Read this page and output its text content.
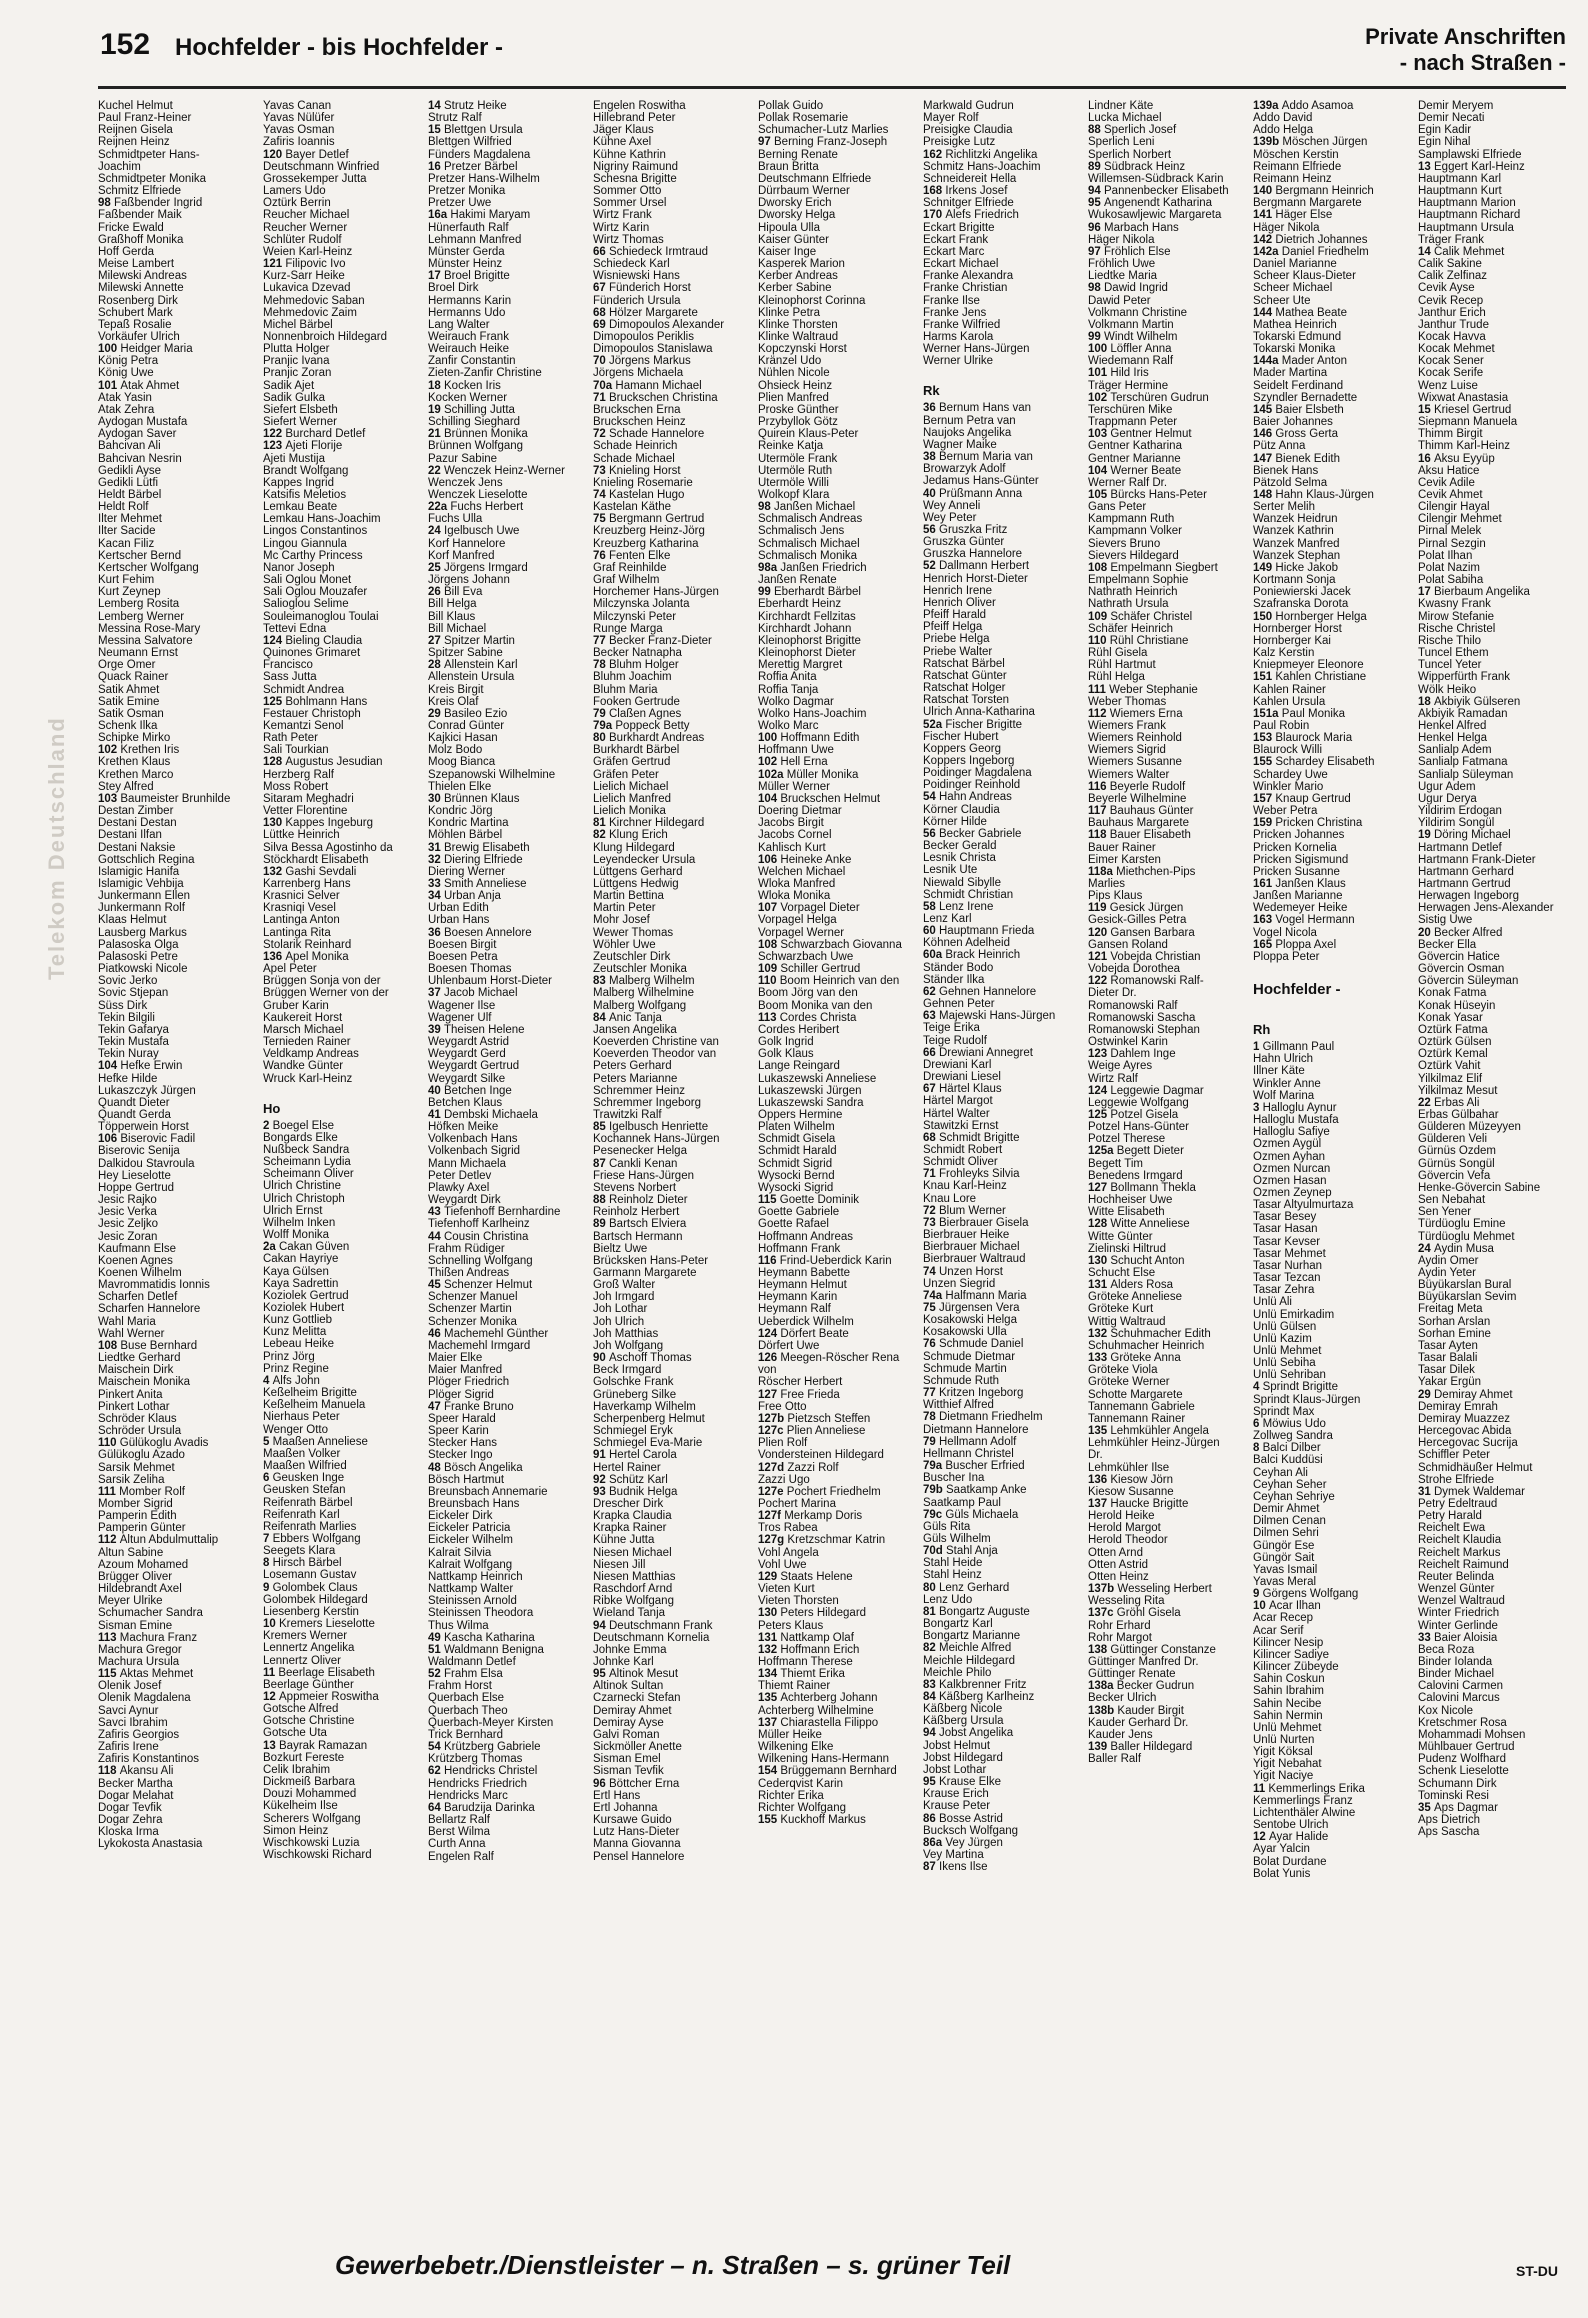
152 Hochfelder - bis Hochfelder -	Private Anschriften
- nach Straßen -
Telekom Deutschland
Kuchel Helmut
Paul Franz-Heiner
Reijnen Gisela
Reijnen Heinz
Schmidtpeter Hans-
Joachim
Schmidtpeter Monika
Schmitz Elfriede
98 Faßbender Ingrid
Faßbender Maik
Fricke Ewald
Graßhoff Monika
Hoff Gerda
Meise Lambert
Milewski Andreas
Milewski Annette
Rosenberg Dirk
Schubert Mark
Tepaß Rosalie
Vorkäufer Ulrich
100 Heidger Maria
König Petra
König Uwe
101 Atak Ahmet
Atak Yasin
Atak Zehra
Aydogan Mustafa
Aydogan Saver
Bahcivan Ali
Bahcivan Nesrin
Gedikli Ayse
Gedikli Lütfi
Heldt Bärbel
Heldt Rolf
Ilter Mehmet
Ilter Sacide
Kacan Filiz
Kertscher Bernd
Kertscher Wolfgang
Kurt Fehim
Kurt Zeynep
Lemberg Rosita
Lemberg Werner
Messina Rose-Mary
Messina Salvatore
Neumann Ernst
Örge Ömer
Quack Rainer
Satik Ahmet
Satik Emine
Satik Osman
Schenk Ilka
Schipke Mirko
102 Krethen Iris
Krethen Klaus
Krethen Marco
Stey Alfred
103 Baumeister Brunhilde
Destan Zimber
Destani Destan
Destani Ilfan
Destani Naksie
Gottschlich Regina
Islamigic Hanifa
Islamigic Vehbija
Junkermann Ellen
Junkermann Rolf
Klaas Helmut
Lausberg Markus
Palasoska Olga
Palasoski Petre
Piatkowski Nicole
Sovic Jerko
Sovic Stjepan
Süss Dirk
Tekin Bilgili
Tekin Gafarya
Tekin Mustafa
Tekin Nuray
104 Hefke Erwin
Hefke Hilde
Lukaszczyk Jürgen
Quandt Dieter
Quandt Gerda
Töpperwein Horst
106 Biserovic Fadil
Biserovic Senija
Dalkidou Stavroula
Hey Lieselotte
Hoppe Gertrud
Jesic Rajko
Jesic Verka
Jesic Zeljko
Jesic Zoran
Kaufmann Else
Koenen Agnes
Koenen Wilhelm
Mavrommatidis Ionnis
Scharfen Detlef
Scharfen Hannelore
Wahl Maria
Wahl Werner
108 Buse Bernhard
Liedtke Gerhard
Maischein Dirk
Maischein Monika
Pinkert Anita
Pinkert Lothar
Schröder Klaus
Schröder Ursula
110 Gülükoglu Avadis
Gülükoglu Azado
Sarsik Mehmet
Sarsik Zeliha
111 Momber Rolf
Momber Sigrid
Pamperin Edith
Pamperin Günter
112 Altun Abdulmuttalip
Altun Sabine
Azoum Mohamed
Brügger Oliver
Hildebrandt Axel
Meyer Ulrike
Schumacher Sandra
Sisman Emine
113 Machura Franz
Machura Gregor
Machura Ursula
115 Aktas Mehmet
Olenik Josef
Olenik Magdalena
Savci Aynur
Savci Ibrahim
Zafiris Georgios
Zafiris Irene
Zafiris Konstantinos
118 Akansu Ali
Becker Martha
Dogar Melahat
Dogar Tevfik
Dogar Zehra
Kloska Irma
Lykokosta Anastasia
Yavas Canan
Yavas Nülüfer
Yavas Osman
Zafiris Ioannis
120 Bayer Detlef
Deutschmann Winfried
Grossekemper Jutta
Lamers Udo
Öztürk Berrin
Reucher Michael
Reucher Werner
Schlüter Rudolf
Weien Karl-Heinz
121 Filipovic Ivo
Kurz-Sarr Heike
Lukavica Dzevad
Mehmedovic Saban
Mehmedovic Zaim
Michel Bärbel
Nonnenbroich Hildegard
Plutta Holger
Pranjic Ivana
Pranjic Zoran
Sadik Ajet
Sadik Gulka
Siefert Elsbeth
Siefert Werner
122 Burchard Detlef
123 Ajeti Florije
Ajeti Mustija
Brandt Wolfgang
Kappes Ingrid
Katsifis Meletios
Lemkau Beate
Lemkau Hans-Joachim
Lingos Constantinos
Lingou Giannula
Mc Carthy Princess
Nanor Joseph
Sali Oglou Monet
Sali Oglou Mouzafer
Salioglou Selime
Souleimanoglou Toulai
Tettevi Edna
124 Bieling Claudia
Quinones Grimaret
Francisco
Sass Jutta
Schmidt Andrea
125 Bohlmann Hans
Festauer Christoph
Kemantzi Senol
Rath Peter
Sali Tourkian
128 Augustus Jesudian
Herzberg Ralf
Moss Robert
Sitaram Meghadri
Vetter Florentine
130 Kappes Ingeburg
Lüttke Heinrich
Silva Bessa Agostinho da
Stöckhardt Elisabeth
132 Gashi Sevdali
Karrenberg Hans
Krasnici Selver
Krasniqi Vesel
Lantinga Anton
Lantinga Rita
Stolarik Reinhard
136 Apel Monika
Apel Peter
Brüggen Sonja von der
Brüggen Werner von der
Gruber Karin
Kaukereit Horst
Marsch Michael
Ternieden Rainer
Veldkamp Andreas
Wandke Günter
Wruck Karl-Heinz
Ho
2 Boegel Else
Bongards Elke
Nußbeck Sandra
Scheimann Lydia
Scheimann Oliver
Ulrich Christine
Ulrich Christoph
Ulrich Ernst
Wilhelm Inken
Wolff Monika
2a Cakan Güven
Cakan Hayriye
Kaya Gülsen
Kaya Sadrettin
Koziolek Gertrud
Koziolek Hubert
Kunz Gottlieb
Kunz Melitta
Lebeau Heike
Prinz Jörg
Prinz Regine
4 Alfs John
Keßelheim Brigitte
Keßelheim Manuela
Nierhaus Peter
Wenger Otto
5 Maaßen Anneliese
Maaßen Volker
Maaßen Wilfried
6 Geusken Inge
Geusken Stefan
Reifenrath Bärbel
Reifenrath Karl
Reifenrath Marlies
7 Ebbers Wolfgang
Seegets Klara
8 Hirsch Bärbel
Losemann Gustav
9 Golombek Claus
Golombek Hildegard
Liesenberg Kerstin
10 Kremers Lieselotte
Kremers Werner
Lennertz Angelika
Lennertz Oliver
11 Beerlage Elisabeth
Beerlage Günther
12 Appmeier Roswitha
Gotsche Alfred
Gotsche Christine
Gotsche Uta
13 Bayrak Ramazan
Bozkurt Fereste
Celik Ibrahim
Dickmeiß Barbara
Douzi Mohammed
Kükelheim Ilse
Scherers Wolfgang
Simon Heinz
Wischkowski Luzia
Wischkowski Richard
14 Strutz Heike
Strutz Ralf
15 Blettgen Ursula
Blettgen Wilfried
Fünders Magdalena
16 Pretzer Bärbel
Pretzer Hans-Wilhelm
Pretzer Monika
Pretzer Uwe
16a Hakimi Maryam
Hünerfauth Ralf
Lehmann Manfred
Münster Gerda
Münster Heinz
17 Broel Brigitte
Broel Dirk
Hermanns Karin
Hermanns Udo
Lang Walter
Weirauch Frank
Weirauch Heike
Zanfir Constantin
Zieten-Zanfir Christine
18 Kocken Iris
Kocken Werner
19 Schilling Jutta
Schilling Sieghard
21 Brünnen Monika
Brünnen Wolfgang
Pazur Sabine
22 Wenczek Heinz-Werner
Wenczek Jens
Wenczek Lieselotte
22a Fuchs Herbert
Fuchs Ulla
24 Igelbusch Uwe
Korf Hannelore
Korf Manfred
25 Jörgens Irmgard
Jörgens Johann
26 Bill Eva
Bill Helga
Bill Klaus
Bill Michael
27 Spitzer Martin
Spitzer Sabine
28 Allenstein Karl
Allenstein Ursula
Kreis Birgit
Kreis Olaf
29 Basileo Ezio
Conrad Günter
Kajkici Hasan
Molz Bodo
Moog Bianca
Szepanowski Wilhelmine
Thielen Elke
30 Brünnen Klaus
Kondric Jörg
Kondric Martina
Möhlen Bärbel
31 Brewig Elisabeth
32 Diering Elfriede
Diering Werner
33 Smith Anneliese
34 Urban Anja
Urban Edith
Urban Hans
36 Boesen Annelore
Boesen Birgit
Boesen Petra
Boesen Thomas
Uhlenbaum Horst-Dieter
37 Jacob Michael
Wagener Ilse
Wagener Ulf
39 Theisen Helene
Weygardt Astrid
Weygardt Gerd
Weygardt Gertrud
Weygardt Silke
40 Betchen Inge
Betchen Klaus
41 Dembski Michaela
Höfken Meike
Volkenbach Hans
Volkenbach Sigrid
Mann Michaela
Peter Detlev
Plawky Axel
Weygardt Dirk
43 Tiefenhoff Bernhardine
Tiefenhoff Karlheinz
44 Cousin Christina
Frahm Rüdiger
Schnelling Wolfgang
Thißen Andreas
45 Schenzer Helmut
Schenzer Manuel
Schenzer Martin
Schenzer Monika
46 Machemehl Günther
Machemehl Irmgard
Maier Elke
Maier Manfred
Plöger Friedrich
Plöger Sigrid
47 Franke Bruno
Speer Harald
Speer Karin
Stecker Hans
Stecker Ingo
48 Bösch Angelika
Bösch Hartmut
Breunsbach Annemarie
Breunsbach Hans
Eickeler Dirk
Eickeler Patricia
Eickeler Wilhelm
Kalrait Silvia
Kalrait Wolfgang
Nattkamp Heinrich
Nattkamp Walter
Steinissen Arnold
Steinissen Theodora
Thus Wilma
49 Kascha Katharina
51 Waldmann Benigna
Waldmann Detlef
52 Frahm Elsa
Frahm Horst
Querbach Else
Querbach Theo
Querbach-Meyer Kirsten
Trick Bernhard
54 Krützberg Gabriele
Krützberg Thomas
62 Hendricks Christel
Hendricks Friedrich
Hendricks Marc
64 Barudzija Darinka
Bellartz Ralf
Berst Wilma
Curth Anna
Engelen Ralf
Engelen Roswitha
Hillebrand Peter
Jäger Klaus
Kühne Axel
Kühne Kathrin
Nigriny Raimund
Schesna Brigitte
Sommer Otto
Sommer Ursel
Wirtz Frank
Wirtz Karin
Wirtz Thomas
66 Schiedeck Irmtraud
Schiedeck Karl
Wisniewski Hans
67 Fünderich Horst
Fünderich Ursula
68 Hölzer Margarete
69 Dimopoulos Alexander
Dimopoulos Periklis
Dimopoulos Stanislawa
70 Jörgens Markus
Jörgens Michaela
70a Hamann Michael
71 Bruckschen Christina
Bruckschen Erna
Bruckschen Heinz
72 Schade Hannelore
Schade Heinrich
Schade Michael
73 Knieling Horst
Knieling Rosemarie
74 Kastelan Hugo
Kastelan Käthe
75 Bergmann Gertrud
Kreuzberg Heinz-Jörg
Kreuzberg Katharina
76 Fenten Elke
Graf Reinhilde
Graf Wilhelm
Horchemer Hans-Jürgen
Milczynska Jolanta
Milczynski Peter
Runge Marga
77 Becker Franz-Dieter
Becker Natnapha
78 Bluhm Holger
Bluhm Joachim
Bluhm Maria
Fooken Gertrude
79 Claßen Agnes
79a Poppeck Betty
80 Burkhardt Andreas
Burkhardt Bärbel
Gräfen Gertrud
Gräfen Peter
Lielich Michael
Lielich Manfred
Lielich Monika
81 Kirchner Hildegard
82 Klung Erich
Klung Hildegard
Leyendecker Ursula
Lüttgens Gerhard
Lüttgens Hedwig
Martin Bettina
Martin Peter
Mohr Josef
Wewer Thomas
Wöhler Uwe
Zeutschler Dirk
Zeutschler Monika
83 Malberg Wilhelm
Malberg Wilhelmine
Malberg Wolfgang
84 Anic Tanja
Jansen Angelika
Koeverden Christine van
Koeverden Theodor van
Peters Gerhard
Peters Marianne
Schremmer Heinz
Schremmer Ingeborg
Trawitzki Ralf
85 Igelbusch Henriette
Kochannek Hans-Jürgen
Pesenecker Helga
87 Cankli Kenan
Friese Hans-Jürgen
Stevens Norbert
88 Reinholz Dieter
Reinholz Herbert
89 Bartsch Elviera
Bartsch Hermann
Bieltz Uwe
Brücksken Hans-Peter
Garmann Margarete
Groß Walter
Joh Irmgard
Joh Lothar
Joh Ulrich
Joh Matthias
Joh Wolfgang
90 Aschoff Thomas
Beck Irmgard
Golschke Frank
Grüneberg Silke
Haverkamp Wilhelm
Scherpenberg Helmut
Schmiegel Eryk
Schmiegel Eva-Marie
91 Hertel Carola
Hertel Rainer
92 Schütz Karl
93 Budnik Helga
Drescher Dirk
Krapka Claudia
Krapka Rainer
Kühne Jutta
Niesen Michael
Niesen Jill
Niesen Matthias
Raschdorf Arnd
Ribke Wolfgang
Wieland Tanja
94 Deutschmann Frank
Deutschmann Kornelia
Johnke Emma
Johnke Karl
95 Altinok Mesut
Altinok Sultan
Czarnecki Stefan
Demiray Ahmet
Demiray Ayse
Galvi Roman
Sickmöller Anette
Sisman Emel
Sisman Tevfik
96 Böttcher Erna
Ertl Hans
Ertl Johanna
Kursawe Guido
Lutz Hans-Dieter
Manna Giovanna
Pensel Hannelore
Pollak Guido
Pollak Rosemarie
Schumacher-Lutz Marlies
97 Berning Franz-Joseph
Berning Renate
Braun Britta
Deutschmann Elfriede
Dürrbaum Werner
Dworsky Erich
Dworsky Helga
Hipoula Ulla
Kaiser Günter
Kaiser Inge
Kasperek Marion
Kerber Andreas
Kerber Sabine
Kleinophorst Corinna
Klinke Petra
Klinke Thorsten
Klinke Waltraud
Kopczynski Horst
Kränzel Udo
Nühlen Nicole
Ohsieck Heinz
Plien Manfred
Proske Günther
Przybyllok Götz
Quirein Klaus-Peter
Reinke Katja
Utermöle Frank
Utermöle Ruth
Utermöle Willi
Wolkopf Klara
98 Janßen Michael
Schmalisch Andreas
Schmalisch Jens
Schmalisch Michael
Schmalisch Monika
98a Janßen Friedrich
Janßen Renate
99 Eberhardt Bärbel
Eberhardt Heinz
Kirchhardt Fellzitas
Kirchhardt Johann
Kleinophorst Brigitte
Kleinophorst Dieter
Merettig Margret
Roffia Anita
Roffia Tanja
Wolko Dagmar
Wolko Hans-Joachim
Wolko Marc
100 Hoffmann Edith
Hoffmann Uwe
102 Hell Erna
102a Müller Monika
Müller Werner
104 Bruckschen Helmut
Doering Dietmar
Jacobs Birgit
Jacobs Cornel
Kahlisch Kurt
106 Heineke Anke
Welchen Michael
Wloka Manfred
Wloka Monika
107 Vorpagel Dieter
Vorpagel Helga
Vorpagel Werner
108 Schwarzbach Giovanna
Schwarzbach Uwe
109 Schiller Gertrud
110 Boom Heinrich van den
Boom Jörg van den
Boom Monika van den
113 Cordes Christa
Cordes Heribert
Golk Ingrid
Golk Klaus
Lange Reingard
Lukaszewski Anneliese
Lukaszewski Jürgen
Lukaszewski Sandra
Oppers Hermine
Platen Wilhelm
Schmidt Gisela
Schmidt Harald
Schmidt Sigrid
Wysocki Bernd
Wysocki Sigrid
115 Goette Dominik
Goette Gabriele
Goette Rafael
Hoffmann Andreas
Hoffmann Frank
116 Frind-Ueberdick Karin
Heymann Babette
Heymann Helmut
Heymann Karin
Heymann Ralf
Ueberdick Wilhelm
124 Dörfert Beate
Dörfert Uwe
126 Meegen-Röscher Rena
von
Röscher Herbert
127 Free Frieda
Free Otto
127b Pietzsch Steffen
127c Plien Anneliese
Plien Rolf
Vondersteinen Hildegard
127d Zazzi Rolf
Zazzi Ugo
127e Pochert Friedhelm
Pochert Marina
127f Merkamp Doris
Tros Rabea
127g Kretzschmar Katrin
Vohl Angela
Vohl Uwe
129 Staats Helene
Vieten Kurt
Vieten Thorsten
130 Peters Hildegard
Peters Klaus
131 Nattkamp Olaf
132 Hoffmann Erich
Hoffmann Therese
134 Thiemt Erika
Thiemt Rainer
135 Achterberg Johann
Achterberg Wilhelmine
137 Chiarastella Filippo
Müller Heike
Wilkening Elke
Wilkening Hans-Hermann
154 Brüggemann Bernhard
Cederqvist Karin
Richter Erika
Richter Wolfgang
155 Kuckhoff Markus
Markwald Gudrun
Mayer Rolf
Preisigke Claudia
Preisigke Lutz
162 Richlitzki Angelika
Schmitz Hans-Joachim
Schneidereit Hella
168 Irkens Josef
Schnitger Elfriede
170 Alefs Friedrich
Eckart Brigitte
Eckart Frank
Eckart Marc
Eckart Michael
Franke Alexandra
Franke Christian
Franke Ilse
Franke Jens
Franke Wilfried
Harms Karola
Werner Hans-Jürgen
Werner Ulrike
Rk
36 Bernum Hans van
Bernum Petra van
Naujoks Angelika
Wagner Maike
38 Bernum Maria van
Browarzyk Adolf
Jedamus Hans-Günter
40 Prüßmann Anna
Wey Anneli
Wey Peter
56 Gruszka Fritz
Gruszka Günter
Gruszka Hannelore
52 Dallmann Herbert
Henrich Horst-Dieter
Henrich Irene
Henrich Oliver
Pfeiff Harald
Pfeiff Helga
Priebe Helga
Priebe Walter
Ratschat Bärbel
Ratschat Günter
Ratschat Holger
Ratschat Torsten
Ulrich Anna-Katharina
52a Fischer Brigitte
Fischer Hubert
Koppers Georg
Koppers Ingeborg
Poidinger Magdalena
Poidinger Reinhold
54 Hahn Andreas
Körner Claudia
Körner Hilde
56 Becker Gabriele
Becker Gerald
Lesnik Christa
Lesnik Ute
Niewald Sibylle
Schmidt Christian
58 Lenz Irene
Lenz Karl
60 Hauptmann Frieda
Köhnen Adelheid
60a Brack Heinrich
Ständer Bodo
Ständer Ilka
62 Gehnen Hannelore
Gehnen Peter
63 Majewski Hans-Jürgen
Teige Erika
Teige Rudolf
66 Drewiani Annegret
Drewiani Karl
Drewiani Liesel
67 Härtel Klaus
Härtel Margot
Härtel Walter
Stawitzki Ernst
68 Schmidt Brigitte
Schmidt Robert
Schmidt Oliver
71 Frohleyks Silvia
Knau Karl-Heinz
Knau Lore
72 Blum Werner
73 Bierbrauer Gisela
Bierbrauer Heike
Bierbrauer Michael
Bierbrauer Waltraud
74 Unzen Horst
Unzen Siegrid
74a Halfmann Maria
75 Jürgensen Vera
Kosakowski Helga
Kosakowski Ulla
76 Schmude Daniel
Schmude Dietmar
Schmude Martin
Schmude Ruth
77 Kritzen Ingeborg
Witthief Alfred
78 Dietmann Friedhelm
Dietmann Hannelore
79 Hellmann Adolf
Hellmann Christel
79a Buscher Erfried
Buscher Ina
79b Saatkamp Anke
Saatkamp Paul
79c Güls Michaela
Güls Rita
Güls Wilhelm
70d Stahl Anja
Stahl Heide
Stahl Heinz
80 Lenz Gerhard
Lenz Udo
81 Bongartz Auguste
Bongartz Karl
Bongartz Marianne
82 Meichle Alfred
Meichle Hildegard
Meichle Philo
83 Kalkbrenner Fritz
84 Käßberg Karlheinz
Käßberg Nicole
Käßberg Ursula
94 Jobst Angelika
Jobst Helmut
Jobst Hildegard
Jobst Lothar
95 Krause Elke
Krause Erich
Krause Peter
86 Bosse Astrid
Bucksch Wolfgang
86a Vey Jürgen
Vey Martina
87 Ikens Ilse
Lindner Käte
Lucka Michael
88 Sperlich Josef
Sperlich Leni
Sperlich Norbert
89 Südbrack Heinz
Willemsen-Südbrack Karin
94 Pannenbecker Elisabeth
95 Angenendt Katharina
Wukosawljewic Margareta
96 Marbach Hans
Häger Nikola
97 Fröhlich Else
Fröhlich Uwe
Liedtke Maria
98 Dawid Ingrid
Dawid Peter
Volkmann Christine
Volkmann Martin
99 Windt Wilhelm
100 Löffler Anna
Wiedemann Ralf
101 Hild Iris
Träger Hermine
102 Terschüren Gudrun
Terschüren Mike
Trappmann Peter
103 Gentner Helmut
Gentner Katharina
Gentner Marianne
104 Werner Beate
Werner Ralf Dr.
105 Bürcks Hans-Peter
Gans Peter
Kampmann Ruth
Kampmann Volker
Sievers Bruno
Sievers Hildegard
108 Empelmann Siegbert
Empelmann Sophie
Nathrath Heinrich
Nathrath Ursula
109 Schäfer Christel
Schäfer Heinrich
110 Rühl Christiane
Rühl Gisela
Rühl Hartmut
Rühl Helga
111 Weber Stephanie
Weber Thomas
112 Wiemers Erna
Wiemers Frank
Wiemers Reinhold
Wiemers Sigrid
Wiemers Susanne
Wiemers Walter
116 Beyerle Rudolf
Beyerle Wilhelmine
117 Bauhaus Günter
Bauhaus Margarete
118 Bauer Elisabeth
Bauer Rainer
Eimer Karsten
118a Miethchen-Pips
Marlies
Pips Klaus
119 Gesick Jürgen
Gesick-Gilles Petra
120 Gansen Barbara
Gansen Roland
121 Vobejda Christian
Vobejda Dorothea
122 Romanowski Ralf-
Dieter Dr.
Romanowski Ralf
Romanowski Sascha
Romanowski Stephan
Ostwinkel Karin
123 Dahlem Inge
Weige Ayres
Wirtz Ralf
124 Leggewie Dagmar
Leggewie Wolfgang
125 Potzel Gisela
Potzel Hans-Günter
Potzel Therese
125a Begett Dieter
Begett Tim
Benedens Irmgard
127 Bollmann Thekla
Hochheiser Uwe
Witte Elisabeth
128 Witte Anneliese
Witte Günter
Zielinski Hiltrud
130 Schucht Anton
Schucht Else
131 Alders Rosa
Gröteke Anneliese
Gröteke Kurt
Wittig Waltraud
132 Schuhmacher Edith
Schuhmacher Heinrich
133 Gröteke Anna
Gröteke Viola
Gröteke Werner
Schotte Margarete
Tannemann Gabriele
Tannemann Rainer
135 Lehmkühler Angela
Lehmkühler Heinz-Jürgen
Dr.
Lehmkühler Ilse
136 Kiesow Jörn
Kiesow Susanne
137 Haucke Brigitte
Herold Heike
Herold Margot
Herold Theodor
Otten Arnd
Otten Astrid
Otten Heinz
137b Wesseling Herbert
Wesseling Rita
137c Gröhl Gisela
Rohr Erhard
Rohr Margot
138 Güttinger Constanze
Güttinger Manfred Dr.
Güttinger Renate
138a Becker Gudrun
Becker Ulrich
138b Kauder Birgit
Kauder Gerhard Dr.
Kauder Jens
139 Baller Hildegard
Baller Ralf
139a Addo Asamoa
Addo David
Addo Helga
139b Möschen Jürgen
Möschen Kerstin
Reimann Elfriede
Reimann Heinz
140 Bergmann Heinrich
Bergmann Margarete
141 Häger Else
Häger Nikola
142 Dietrich Johannes
142a Daniel Friedhelm
Daniel Marianne
Scheer Klaus-Dieter
Scheer Michael
Scheer Ute
144 Mathea Beate
Mathea Heinrich
Tokarski Edmund
Tokarski Monika
144a Mader Anton
Mader Martina
Seidelt Ferdinand
Szyndler Bernadette
145 Baier Elsbeth
Baier Johannes
146 Gross Gerta
Pütz Anna
147 Bienek Edith
Bienek Hans
Pätzold Selma
148 Hahn Klaus-Jürgen
Serter Melih
Wanzek Heidrun
Wanzek Kathrin
Wanzek Manfred
Wanzek Stephan
149 Hicke Jakob
Kortmann Sonja
Poniewierski Jacek
Szafranska Dorota
150 Hornberger Helga
Hornberger Horst
Hornberger Kai
Kalz Kerstin
Kniepmeyer Eleonore
151 Kahlen Christiane
Kahlen Rainer
Kahlen Ursula
151a Paul Monika
Paul Robin
153 Blaurock Maria
Blaurock Willi
155 Schardey Elisabeth
Schardey Uwe
Winkler Mario
157 Knaup Gertrud
Weber Petra
159 Pricken Christina
Pricken Johannes
Pricken Kornelia
Pricken Sigismund
Pricken Susanne
161 Janßen Klaus
Janßen Marianne
Wedemeyer Heike
163 Vogel Hermann
Vogel Nicola
165 Ploppa Axel
Ploppa Peter
Hochfelder -
Rh
1 Gillmann Paul
Hahn Ulrich
Illner Käte
Winkler Anne
Wolf Marina
3 Halloglu Aynur
Halloglu Mustafa
Halloglu Safiye
Özmen Aygül
Özmen Ayhan
Özmen Nurcan
Özmen Hasan
Özmen Zeynep
Tasar Altyulmurtaza
Tasar Besey
Tasar Hasan
Tasar Kevser
Tasar Mehmet
Tasar Nurhan
Tasar Tezcan
Tasar Zehra
Ünlü Ali
Ünlü Emirkadim
Ünlü Gülsen
Ünlü Kazim
Ünlü Mehmet
Ünlü Sebiha
Ünlü Sehriban
4 Sprindt Brigitte
Sprindt Klaus-Jürgen
Sprindt Max
6 Möwius Udo
Zollweg Sandra
8 Balci Dilber
Balci Kuddüsi
Ceyhan Ali
Ceyhan Seher
Ceyhan Sehriye
Demir Ahmet
Dilmen Cenan
Dilmen Sehri
Güngör Ese
Güngör Sait
Yavas Ismail
Yavas Meral
9 Görgens Wolfgang
10 Acar Ilhan
Acar Recep
Acar Serif
Kilincer Nesip
Kilincer Sadiye
Kilincer Zübeyde
Sahin Coskun
Sahin Ibrahim
Sahin Necibe
Sahin Nermin
Ünlü Mehmet
Ünlü Nurten
Yigit Köksal
Yigit Nebahat
Yigit Naciye
11 Kemmerlings Erika
Kemmerlings Franz
Lichtenthäler Alwine
Sentobe Ulrich
12 Ayar Halide
Ayar Yalcin
Bolat Durdane
Bolat Yunis
Demir Meryem
Demir Necati
Egin Kadir
Egin Nihal
Samplawski Elfriede
13 Eggert Karl-Heinz
Hauptmann Karl
Hauptmann Kurt
Hauptmann Marion
Hauptmann Richard
Hauptmann Ursula
Träger Frank
14 Calik Mehmet
Calik Sakine
Calik Zelfinaz
Cevik Ayse
Cevik Recep
Janthur Erich
Janthur Trude
Kocak Havva
Kocak Mehmet
Kocak Sener
Kocak Serife
Wenz Luise
Wixwat Anastasia
15 Kriesel Gertrud
Siepmann Manuela
Thimm Birgit
Thimm Karl-Heinz
16 Aksu Eyyüp
Aksu Hatice
Cevik Adile
Cevik Ahmet
Cilengir Hayal
Cilengir Mehmet
Pirnal Melek
Pirnal Sezgin
Polat Ilhan
Polat Nazim
Polat Sabiha
17 Bierbaum Angelika
Kwasny Frank
Mirow Stefanie
Rische Christel
Rische Thilo
Tuncel Ethem
Tuncel Yeter
Wipperfürth Frank
Wölk Heiko
18 Akbiyik Gülseren
Akbiyik Ramadan
Henkel Alfred
Henkel Helga
Sanlialp Adem
Sanlialp Fatmana
Sanlialp Süleyman
Ugur Adem
Ugur Derya
Yildirim Erdogan
Yildirim Songül
19 Döring Michael
Hartmann Detlef
Hartmann Frank-Dieter
Hartmann Gerhard
Hartmann Gertrud
Herwagen Ingeborg
Herwagen Jens-Alexander
Sistig Uwe
20 Becker Alfred
Becker Ella
Gövercin Hatice
Gövercin Osman
Gövercin Süleyman
Konak Fatma
Konak Hüseyin
Konak Yasar
Öztürk Fatma
Öztürk Gülsen
Öztürk Kemal
Öztürk Vahit
Yilkilmaz Elif
Yilkilmaz Mesut
22 Erbas Ali
Erbas Gülbahar
Gülderen Müzeyyen
Gülderen Veli
Gürnüs Özdem
Gürnüs Songül
Gövercin Vefa
Henke-Gövercin Sabine
Sen Nebahat
Sen Yener
Türdüoglu Emine
Türdüoglu Mehmet
24 Aydin Musa
Aydin Ömer
Aydin Yeter
Büyükarslan Bural
Büyükarslan Sevim
Freitag Meta
Sorhan Arslan
Sorhan Emine
Tasar Ayten
Tasar Balali
Tasar Dilek
Yakar Ergün
29 Demiray Ahmet
Demiray Emrah
Demiray Muazzez
Hercegovac Abida
Hercegovac Sucrija
Schiffler Peter
Schmidhäußer Helmut
Strohe Elfriede
31 Dymek Waldemar
Petry Edeltraud
Petry Harald
Reichelt Ewa
Reichelt Klaudia
Reichelt Markus
Reichelt Raimund
Reuter Belinda
Wenzel Günter
Wenzel Waltraud
Winter Friedrich
Winter Gerlinde
33 Baier Aloisia
Beca Roza
Binder Iolanda
Binder Michael
Calovini Carmen
Calovini Marcus
Kox Nicole
Kretschmer Rosa
Mohammadi Mohsen
Mühlbauer Gertrud
Pudenz Wolfhard
Schenk Lieselotte
Schumann Dirk
Tominski Resi
35 Aps Dagmar
Aps Dietrich
Aps Sascha
Gewerbebetr./Dienstleister – n. Straßen – s. grüner Teil	ST-DU
